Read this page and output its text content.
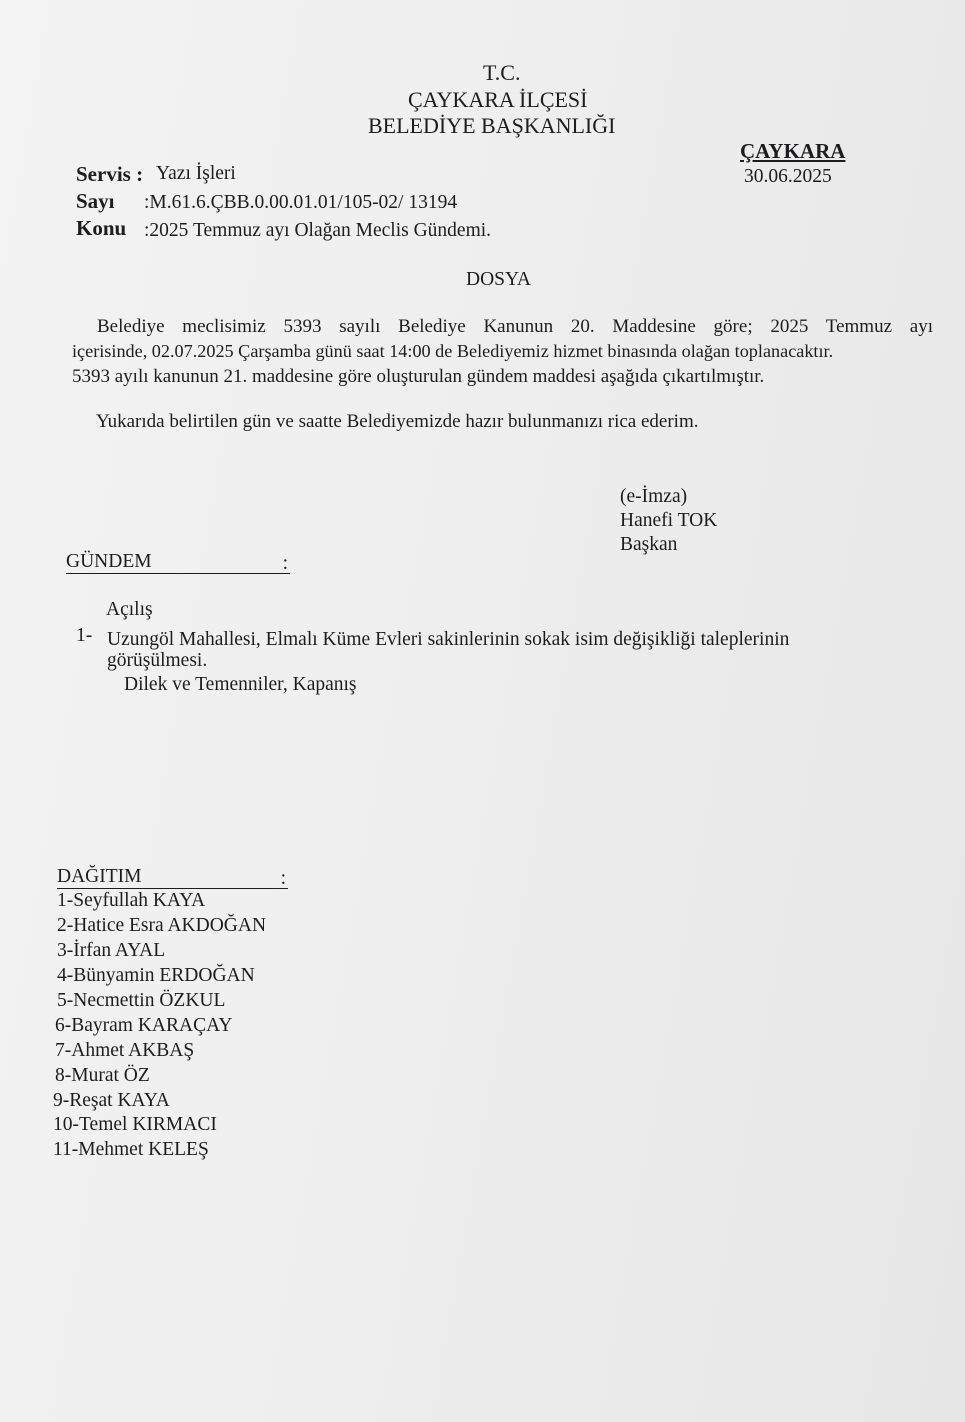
T.C.
ÇAYKARA İLÇESİ
BELEDİYE BAŞKANLIĞI
ÇAYKARA
30.06.2025
Servis : Yazı İşleri
Sayı :M.61.6.ÇBB.0.00.01.01/105-02/ 13194
Konu :2025 Temmuz ayı Olağan Meclis Gündemi.
DOSYA
Belediye meclisimiz 5393 sayılı Belediye Kanunun 20. Maddesine göre; 2025 Temmuz ayı
içerisinde, 02.07.2025 Çarşamba günü saat 14:00 de Belediyemiz hizmet binasında olağan toplanacaktır.
5393 ayılı kanunun 21. maddesine göre oluşturulan gündem maddesi aşağıda çıkartılmıştır.
Yukarıda belirtilen gün ve saatte Belediyemizde hazır bulunmanızı rica ederim.
(e-İmza)
Hanefi TOK
Başkan
GÜNDEM	:
Açılış
1- Uzungöl Mahallesi, Elmalı Küme Evleri sakinlerinin sokak isim değişikliği taleplerinin
görüşülmesi.
Dilek ve Temenniler, Kapanış
DAĞITIM	:
1-Seyfullah KAYA
2-Hatice Esra AKDOĞAN
3-İrfan AYAL
4-Bünyamin ERDOĞAN
5-Necmettin ÖZKUL
6-Bayram KARAÇAY
7-Ahmet AKBAŞ
8-Murat ÖZ
9-Reşat KAYA
10-Temel KIRMACI
11-Mehmet KELEŞ
